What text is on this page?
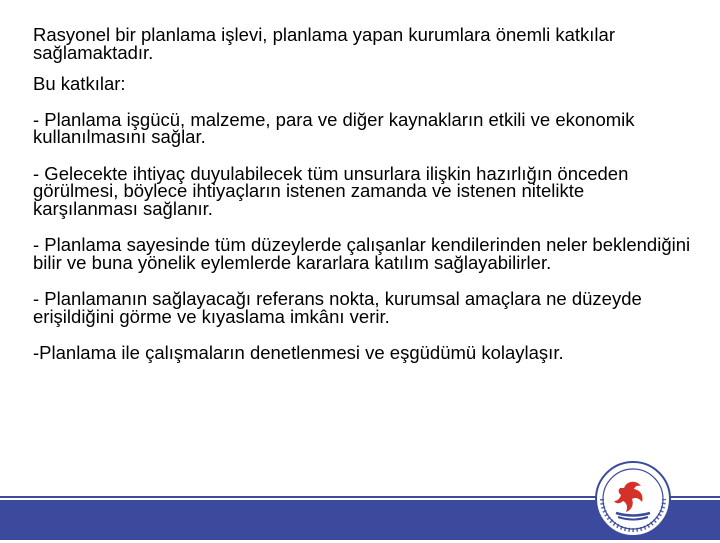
Rasyonel bir planlama işlevi, planlama yapan kurumlara önemli katkılar sağlamaktadır.

Bu katkılar:

- Planlama işgücü, malzeme, para ve diğer kaynakların etkili ve ekonomik kullanılmasını sağlar.

- Gelecekte ihtiyaç duyulabilecek tüm unsurlara ilişkin hazırlığın önceden görülmesi, böylece ihtiyaçların istenen zamanda ve istenen nitelikte karşılanması sağlanır.

- Planlama sayesinde tüm düzeylerde çalışanlar kendilerinden neler beklendiğini bilir ve buna yönelik eylemlerde kararlara katılım sağlayabilirler.

- Planlamanın sağlayacağı referans nokta, kurumsal amaçlara ne düzeyde erişildiğini görme ve kıyaslama imkânı verir.

-Planlama ile çalışmaların denetlenmesi ve eşgüdümü kolaylaşır.
